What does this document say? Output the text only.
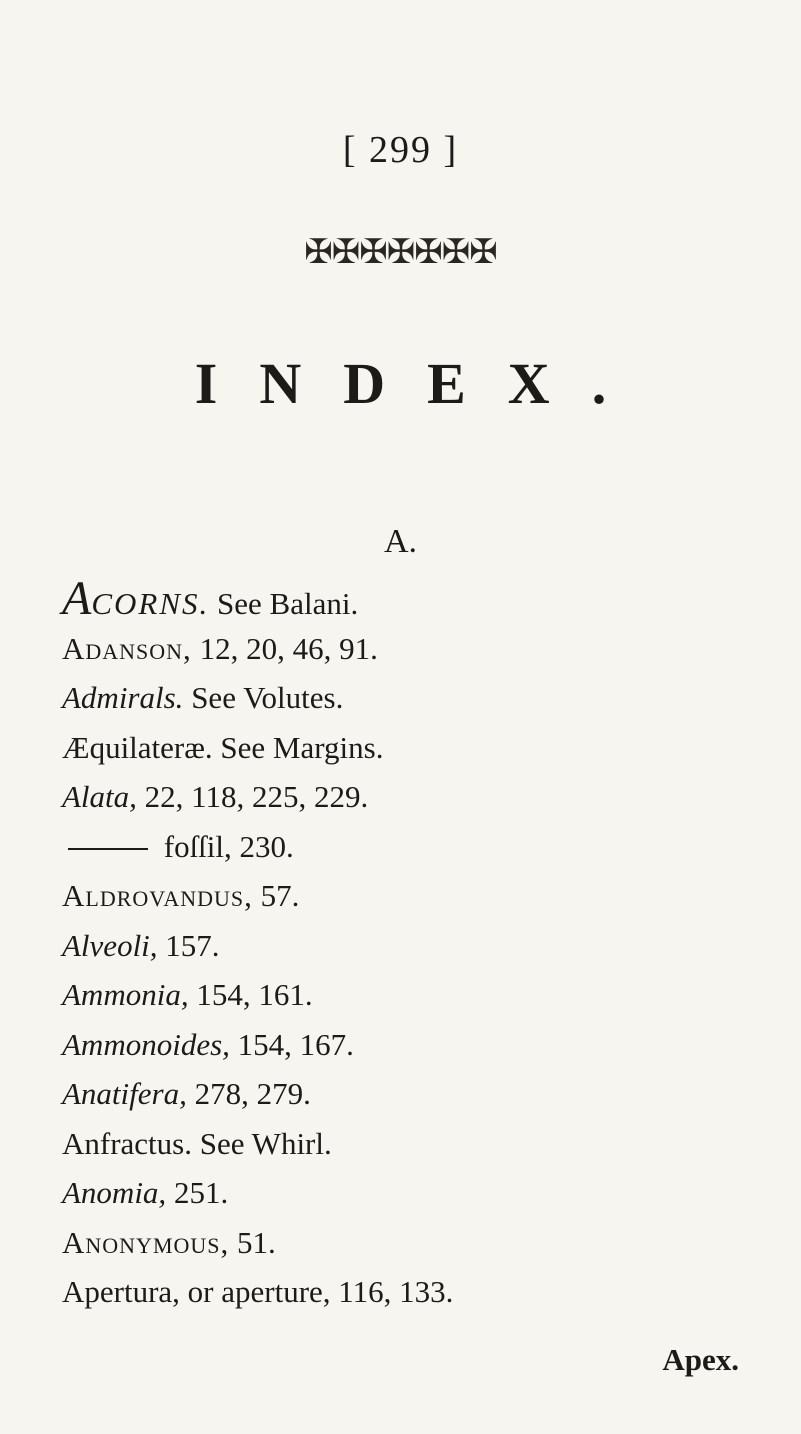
[ 299 ]
✠✠✠✠✠✠✠
INDEX.
A.
ACORNS. See Balani.
Adanson, 12, 20, 46, 91.
Admirals. See Volutes.
Æquilateræ. See Margins.
Alata, 22, 118, 225, 229.
foſſil, 230.
Aldrovandus, 57.
Alveoli, 157.
Ammonia, 154, 161.
Ammonoides, 154, 167.
Anatifera, 278, 279.
Anfractus. See Whirl.
Anomia, 251.
Anonymous, 51.
Apertura, or aperture, 116, 133.
Apex.
